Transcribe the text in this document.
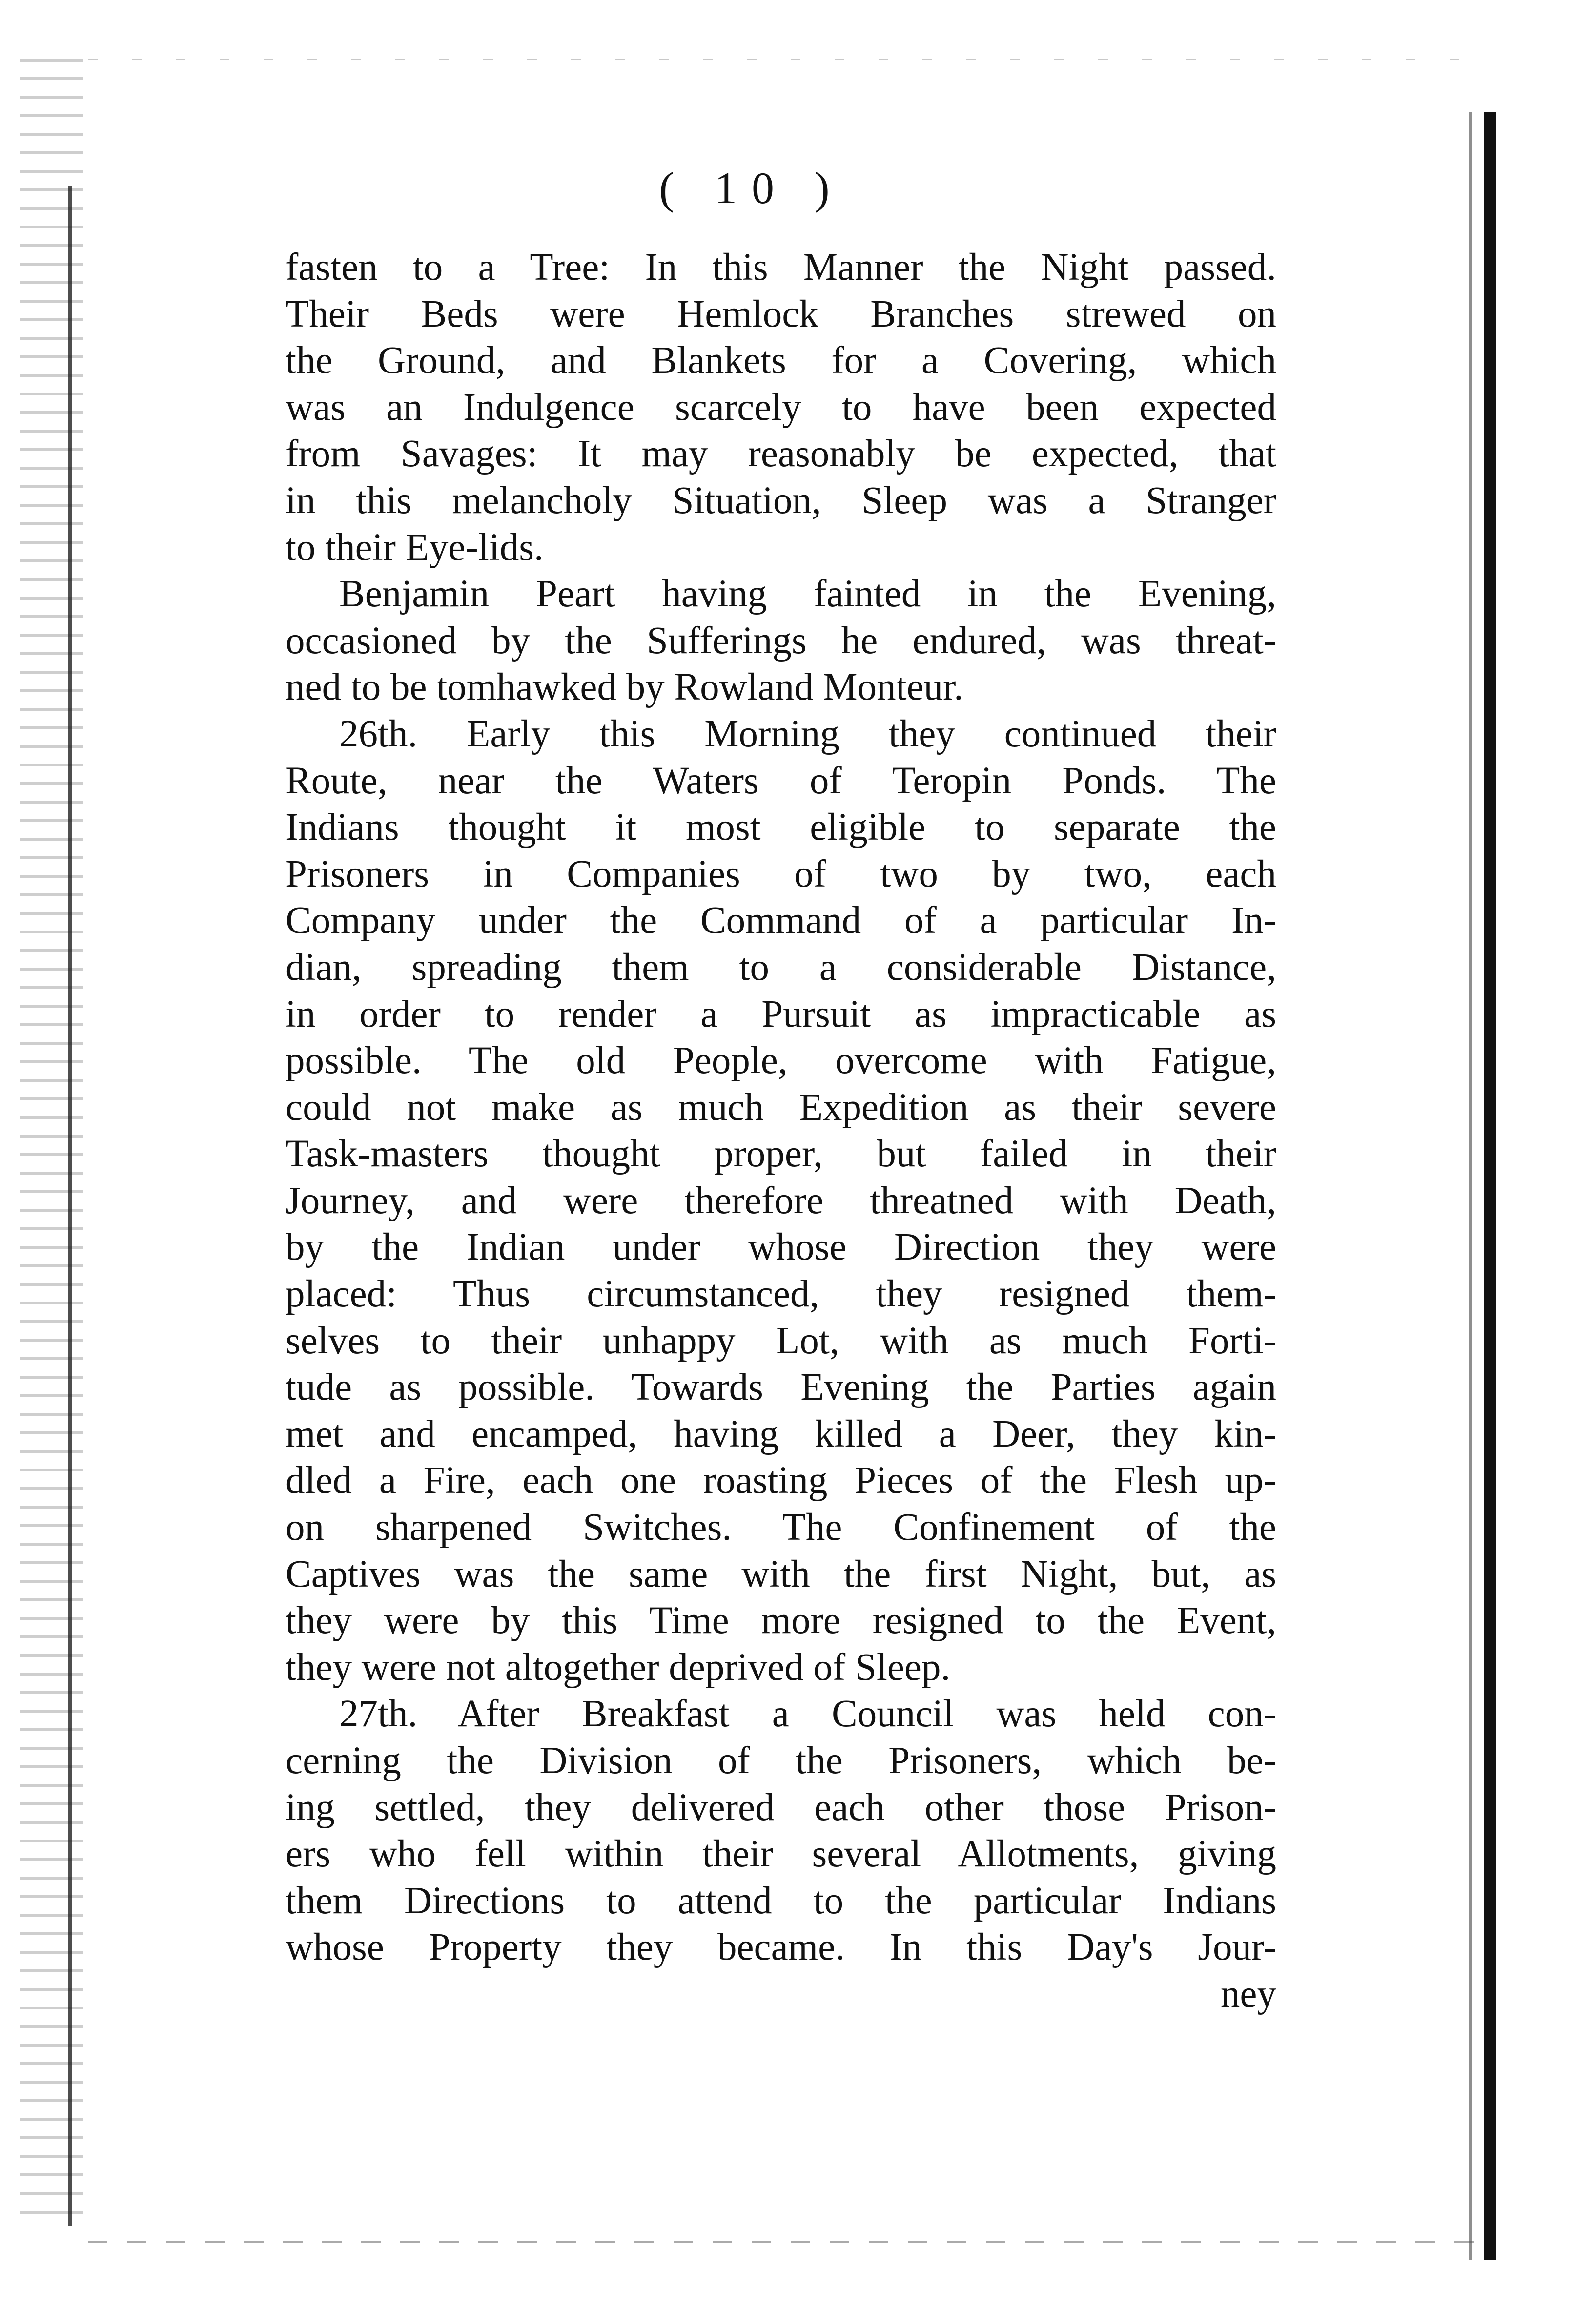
( 10 )
fasten to a Tree: In this Manner the Night passed.
Their Beds were Hemlock Branches strewed on
the Ground, and Blankets for a Covering, which
was an Indulgence scarcely to have been expected
from Savages: It may reasonably be expected, that
in this melancholy Situation, Sleep was a Stranger
to their Eye-lids.
Benjamin Peart having fainted in the Evening,
occasioned by the Sufferings he endured, was threat-
ned to be tomhawked by Rowland Monteur.
26th. Early this Morning they continued their
Route, near the Waters of Teropin Ponds. The
Indians thought it most eligible to separate the
Prisoners in Companies of two by two, each
Company under the Command of a particular In-
dian, spreading them to a considerable Distance,
in order to render a Pursuit as impracticable as
possible. The old People, overcome with Fatigue,
could not make as much Expedition as their severe
Task-masters thought proper, but failed in their
Journey, and were therefore threatned with Death,
by the Indian under whose Direction they were
placed: Thus circumstanced, they resigned them-
selves to their unhappy Lot, with as much Forti-
tude as possible. Towards Evening the Parties again
met and encamped, having killed a Deer, they kin-
dled a Fire, each one roasting Pieces of the Flesh up-
on sharpened Switches. The Confinement of the
Captives was the same with the first Night, but, as
they were by this Time more resigned to the Event,
they were not altogether deprived of Sleep.
27th. After Breakfast a Council was held con-
cerning the Division of the Prisoners, which be-
ing settled, they delivered each other those Prison-
ers who fell within their several Allotments, giving
them Directions to attend to the particular Indians
whose Property they became. In this Day's Jour-
ney
